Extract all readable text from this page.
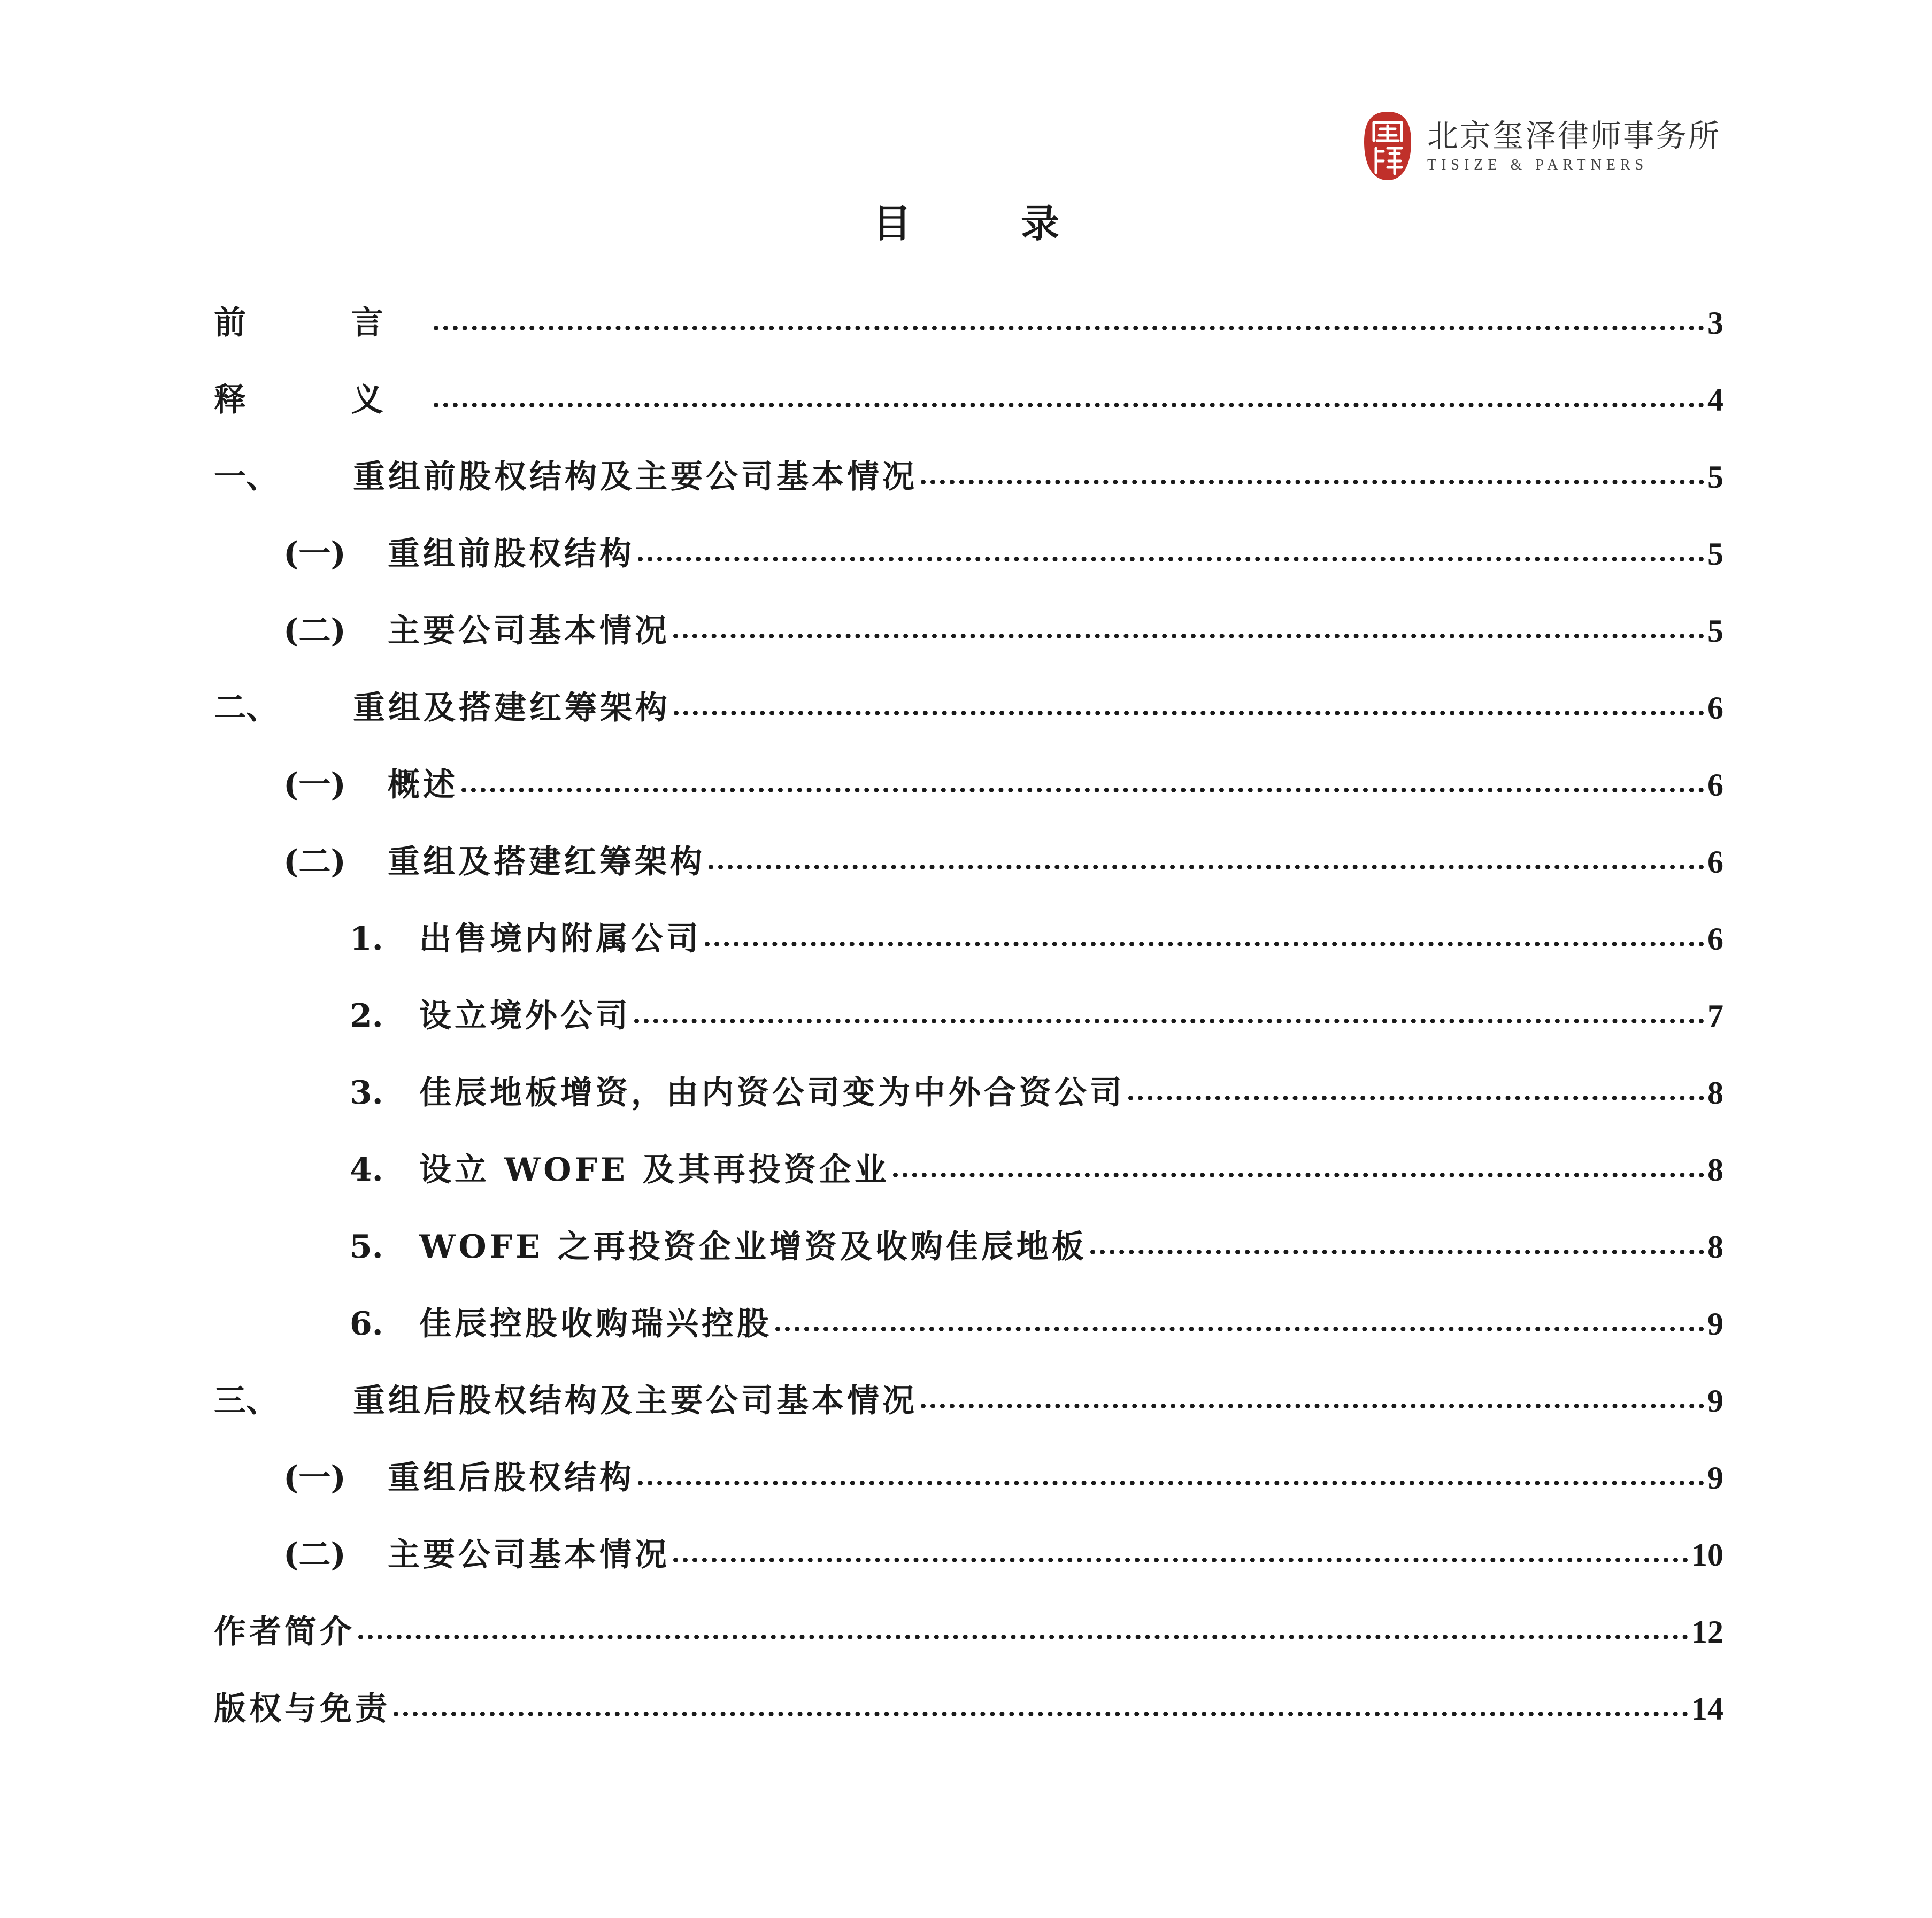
北京玺泽律师事务所
TISIZE & PARTNERS
目 录
前 言	3
释 义	4
一、	重组前股权结构及主要公司基本情况	5
(一)	重组前股权结构	5
(二)	主要公司基本情况	5
二、	重组及搭建红筹架构	6
(一)	概述	6
(二)	重组及搭建红筹架构	6
1.	出售境内附属公司	6
2.	设立境外公司	7
3.	佳辰地板增资，由内资公司变为中外合资公司	8
4.	设立 WOFE 及其再投资企业	8
5.	WOFE 之再投资企业增资及收购佳辰地板	8
6.	佳辰控股收购瑞兴控股	9
三、	重组后股权结构及主要公司基本情况	9
(一)	重组后股权结构	9
(二)	主要公司基本情况	10
作者简介	12
版权与免责	14
